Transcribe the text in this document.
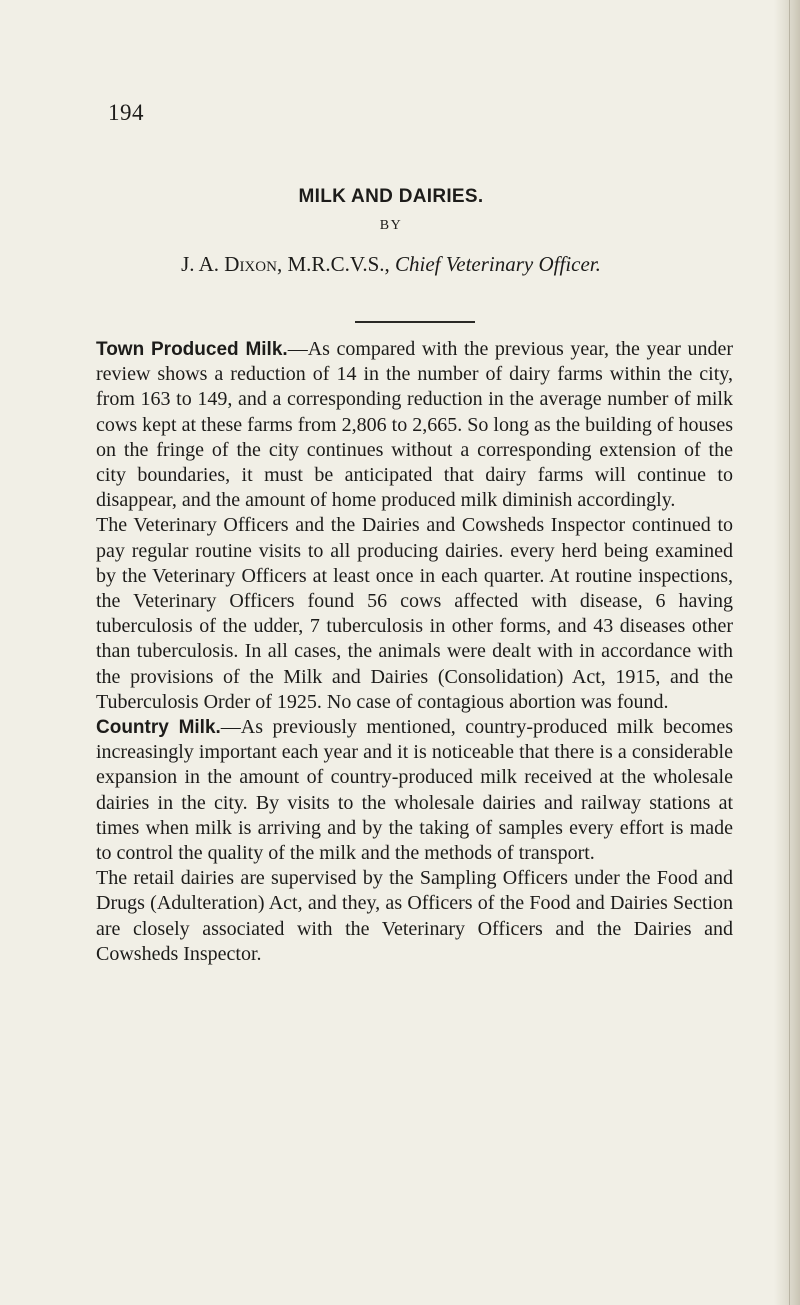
194
MILK AND DAIRIES.
BY
J. A. Dixon, M.R.C.V.S., Chief Veterinary Officer.

Town Produced Milk.—As compared with the previous year, the year under review shows a reduction of 14 in the number of dairy farms within the city, from 163 to 149, and a corresponding reduction in the average number of milk cows kept at these farms from 2,806 to 2,665. So long as the building of houses on the fringe of the city continues without a corresponding extension of the city boundaries, it must be anticipated that dairy farms will continue to disappear, and the amount of home produced milk diminish accordingly.

The Veterinary Officers and the Dairies and Cowsheds Inspector continued to pay regular routine visits to all producing dairies. every herd being examined by the Veterinary Officers at least once in each quarter. At routine inspections, the Veterinary Officers found 56 cows affected with disease, 6 having tuberculosis of the udder, 7 tuberculosis in other forms, and 43 diseases other than tuberculosis. In all cases, the animals were dealt with in accordance with the provisions of the Milk and Dairies (Consolidation) Act, 1915, and the Tuberculosis Order of 1925. No case of contagious abortion was found.

Country Milk.—As previously mentioned, country-produced milk becomes increasingly important each year and it is noticeable that there is a considerable expansion in the amount of country-produced milk received at the wholesale dairies in the city. By visits to the wholesale dairies and railway stations at times when milk is arriving and by the taking of samples every effort is made to control the quality of the milk and the methods of transport.

The retail dairies are supervised by the Sampling Officers under the Food and Drugs (Adulteration) Act, and they, as Officers of the Food and Dairies Section are closely associated with the Veterinary Officers and the Dairies and Cowsheds Inspector.
